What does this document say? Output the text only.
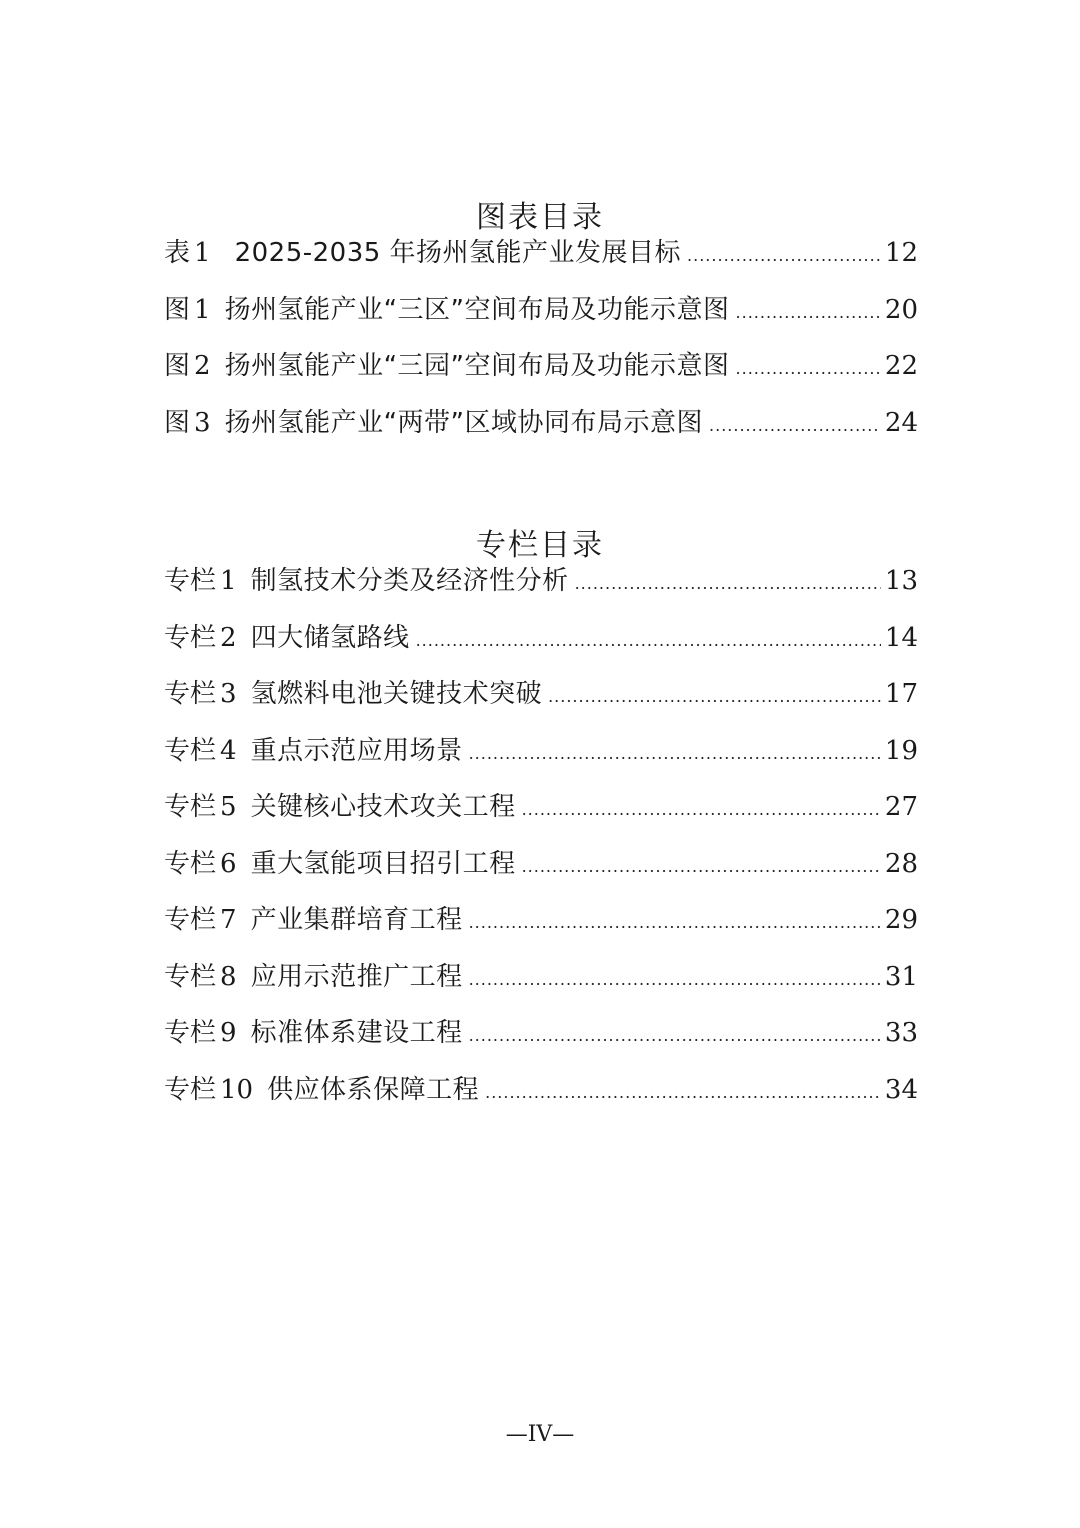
图表目录
表 1 2025-2035 年扬州氢能产业发展目标 .....	12
图 1 扬州氢能产业“三区”空间布局及功能示意图 .....	20
图 2 扬州氢能产业“三园”空间布局及功能示意图 .....	22
图 3 扬州氢能产业“两带”区域协同布局示意图 .....	24
专栏目录
专栏 1 制氢技术分类及经济性分析 .....	13
专栏 2 四大储氢路线 .....	14
专栏 3 氢燃料电池关键技术突破 .....	17
专栏 4 重点示范应用场景 .....	19
专栏 5 关键核心技术攻关工程 .....	27
专栏 6 重大氢能项目招引工程 .....	28
专栏 7 产业集群培育工程 .....	29
专栏 8 应用示范推广工程 .....	31
专栏 9 标准体系建设工程 .....	33
专栏 10 供应体系保障工程 .....	34
—IV—
